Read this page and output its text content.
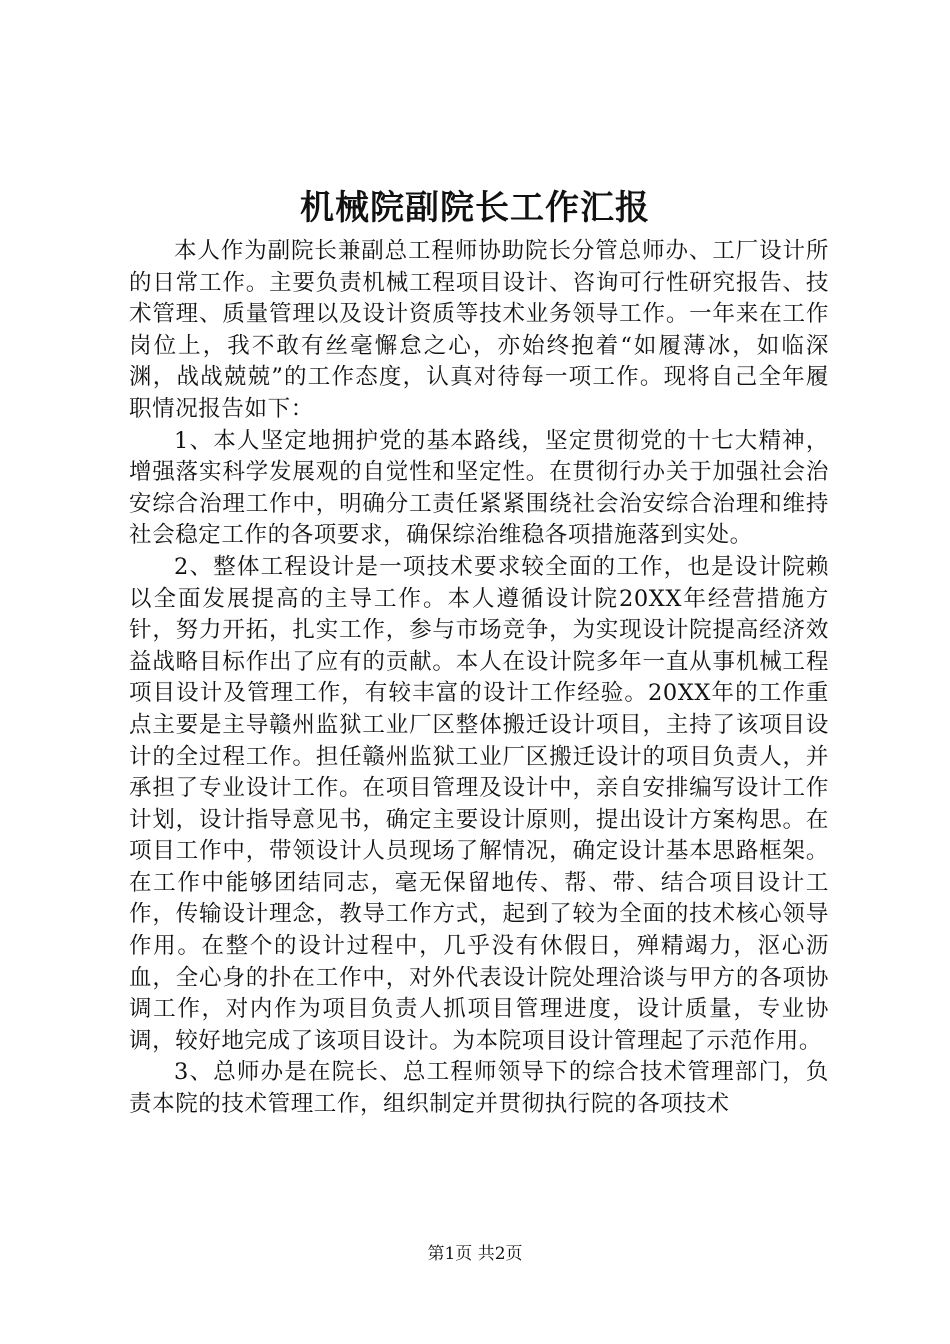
机械院副院长工作汇报

本人作为副院长兼副总工程师协助院长分管总师办、工厂设计所的日常工作。主要负责机械工程项目设计、咨询可行性研究报告、技术管理、质量管理以及设计资质等技术业务领导工作。一年来在工作岗位上，我不敢有丝毫懈怠之心，亦始终抱着“如履薄冰，如临深渊，战战兢兢”的工作态度，认真对待每一项工作。现将自己全年履职情况报告如下：

1、本人坚定地拥护党的基本路线，坚定贯彻党的十七大精神，增强落实科学发展观的自觉性和坚定性。在贯彻行办关于加强社会治安综合治理工作中，明确分工责任紧紧围绕社会治安综合治理和维持社会稳定工作的各项要求，确保综治维稳各项措施落到实处。

2、整体工程设计是一项技术要求较全面的工作，也是设计院赖以全面发展提高的主导工作。本人遵循设计院20XX年经营措施方针，努力开拓，扎实工作，参与市场竞争，为实现设计院提高经济效益战略目标作出了应有的贡献。本人在设计院多年一直从事机械工程项目设计及管理工作，有较丰富的设计工作经验。20XX年的工作重点主要是主导赣州监狱工业厂区整体搬迁设计项目，主持了该项目设计的全过程工作。担任赣州监狱工业厂区搬迁设计的项目负责人，并承担了专业设计工作。在项目管理及设计中，亲自安排编写设计工作计划，设计指导意见书，确定主要设计原则，提出设计方案构思。在项目工作中，带领设计人员现场了解情况，确定设计基本思路框架。在工作中能够团结同志，毫无保留地传、帮、带、结合项目设计工作，传输设计理念，教导工作方式，起到了较为全面的技术核心领导作用。在整个的设计过程中，几乎没有休假日，殚精竭力，沤心沥血，全心身的扑在工作中，对外代表设计院处理洽谈与甲方的各项协调工作，对内作为项目负责人抓项目管理进度，设计质量，专业协调，较好地完成了该项目设计。为本院项目设计管理起了示范作用。

3、总师办是在院长、总工程师领导下的综合技术管理部门，负责本院的技术管理工作，组织制定并贯彻执行院的各项技术

第1页 共2页
